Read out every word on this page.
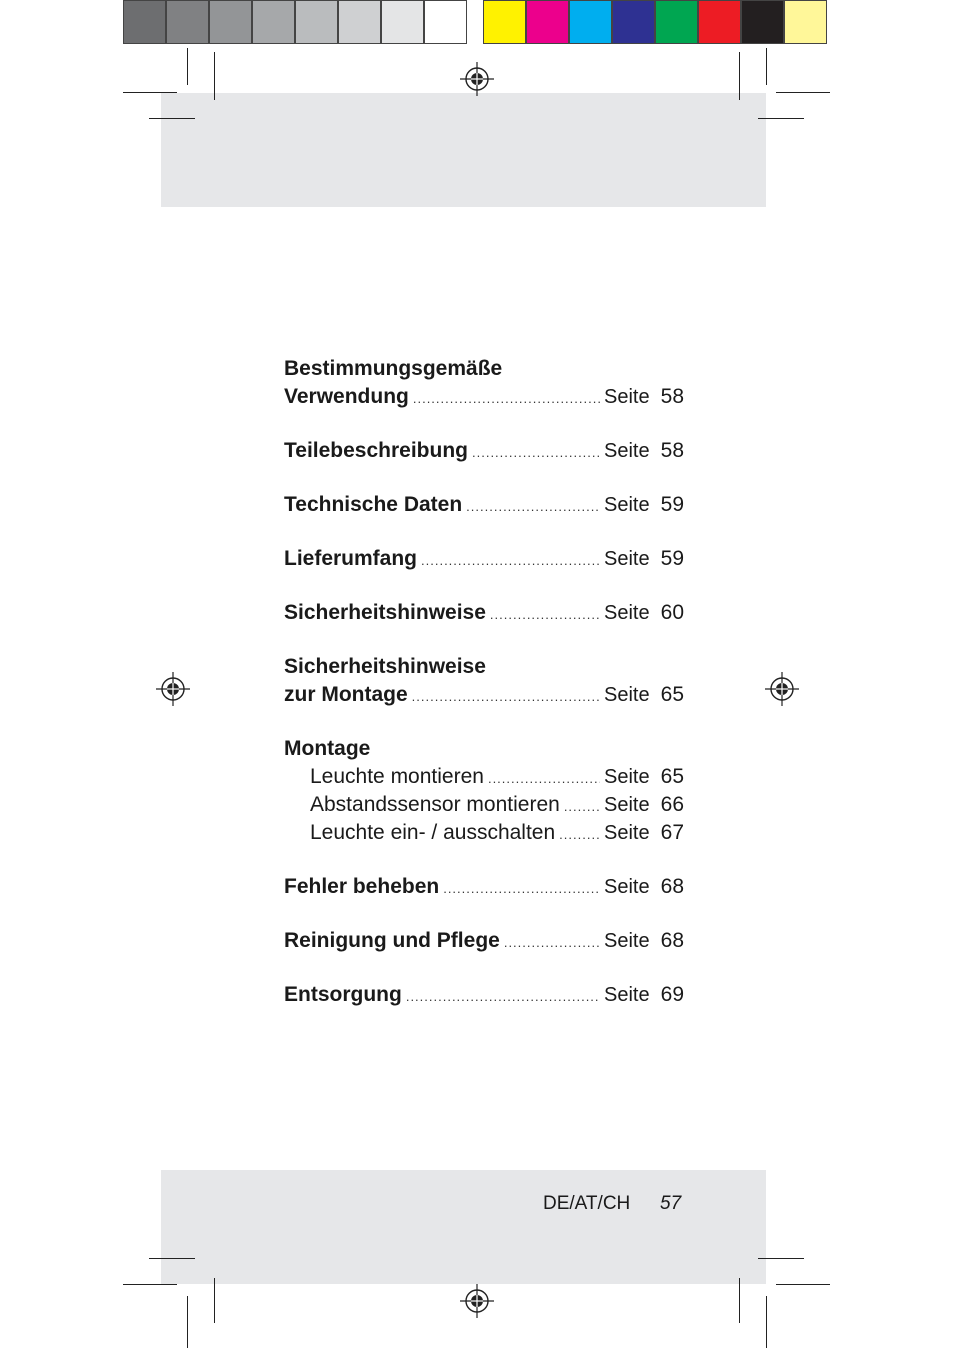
Bestimmungsgemäße
Verwendung .....	Seite 58
Teilebeschreibung .....	Seite 58
Technische Daten .....	Seite 59
Lieferumfang .....	Seite 59
Sicherheitshinweise .....	Seite 60
Sicherheitshinweise
zur Montage .....	Seite 65
Montage
Leuchte montieren .....	Seite 65
Abstandssensor montieren ..... Seite 66
Leuchte ein- / ausschalten ..... Seite 67
Fehler beheben .....	Seite 68
Reinigung und Pflege .....	Seite 68
Entsorgung .....	Seite 69
DE/AT/CH 57
